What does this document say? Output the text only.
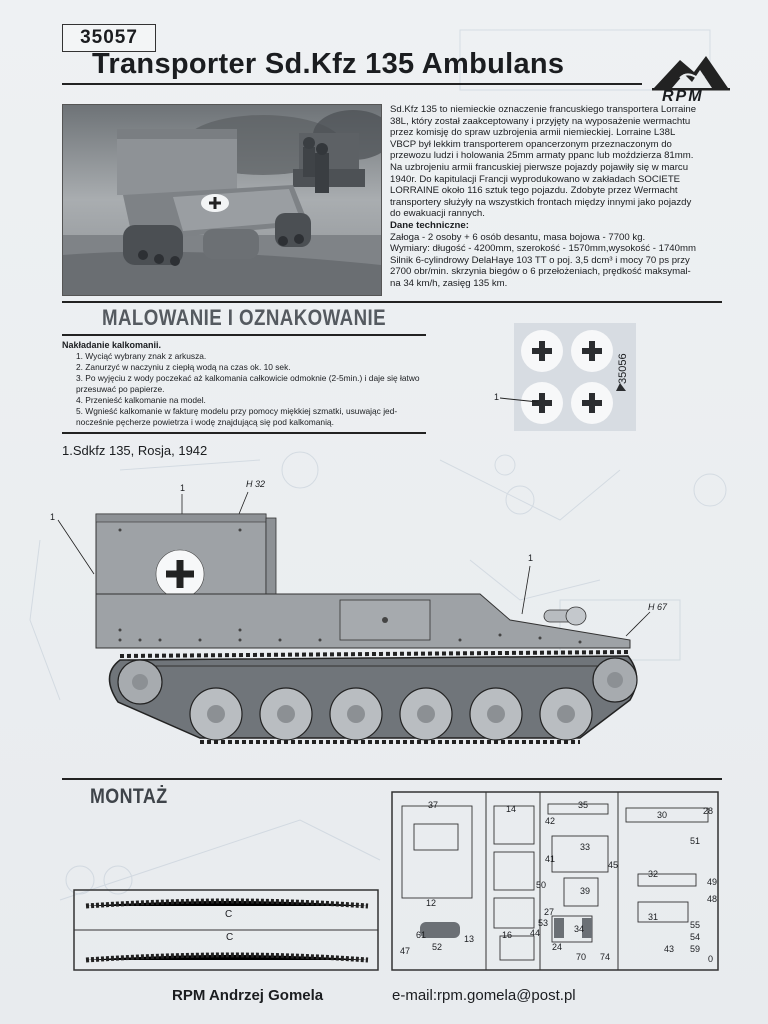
35057
Transporter Sd.Kfz 135 Ambulans
RPM
Sd.Kfz 135 to niemieckie oznaczenie francuskiego transportera Lorraine
38L, który został zaakceptowany i przyjęty na wyposażenie wermachtu
przez komisję do spraw uzbrojenia armii niemieckiej. Lorraine L38L
VBCP był lekkim transporterem opancerzonym przeznaczonym do
przewozu ludzi i holowania 25mm armaty ppanc lub moździerza 81mm.
Na uzbrojeniu armii francuskiej pierwsze pojazdy pojawiły się w marcu
1940r. Do kapitulacji Francji wyprodukowano w zakładach SOCIETE
LORRAINE około 116 sztuk tego pojazdu. Zdobyte przez Wermacht
transportery służyły na wszystkich frontach między innymi jako pojazdy
do ewakuacji rannych.
Dane techniczne:
Załoga - 2 osoby + 6 osób desantu, masa bojowa - 7700 kg.
Wymiary: długość - 4200mm, szerokość - 1570mm,wysokość - 1740mm
Silnik 6-cylindrowy DelaHaye 103 TT o poj. 3,5 dcm³ i mocy 70 ps przy
2700 obr/min. skrzynia biegów o 6 przełożeniach, prędkość maksymal-
na 34 km/h, zasięg 135 km.
MALOWANIE I OZNAKOWANIE
Nakładanie kalkomanii.
1. Wyciąć wybrany znak z arkusza.
2. Zanurzyć w naczyniu z ciepłą wodą na czas ok. 10 sek.
3. Po wyjęciu z wody poczekać aż kalkomania całkowicie odmoknie (2-5min.) i daje się łatwo
przesuwać po papierze.
4. Przenieść kalkomanie na model.
5. Wgnieść kalkomanie w fakturę modelu przy pomocy miękkiej szmatki, usuwając jed-
nocześnie pęcherze powietrza i wodę znajdującą się pod kalkomanią.
35056
1
1.Sdkfz 135, Rosja, 1942
1
1	H 32
1
H 67
MONTAŻ
C
C
37	14	35
30	28
42
33
51
41
45
50
39
32
49
48
27
12
31
53
34
44
61	16	54
47 52
13
24
70 74
43 59
55
0
RPM Andrzej Gomela	e-mail:rpm.gomela@post.pl
